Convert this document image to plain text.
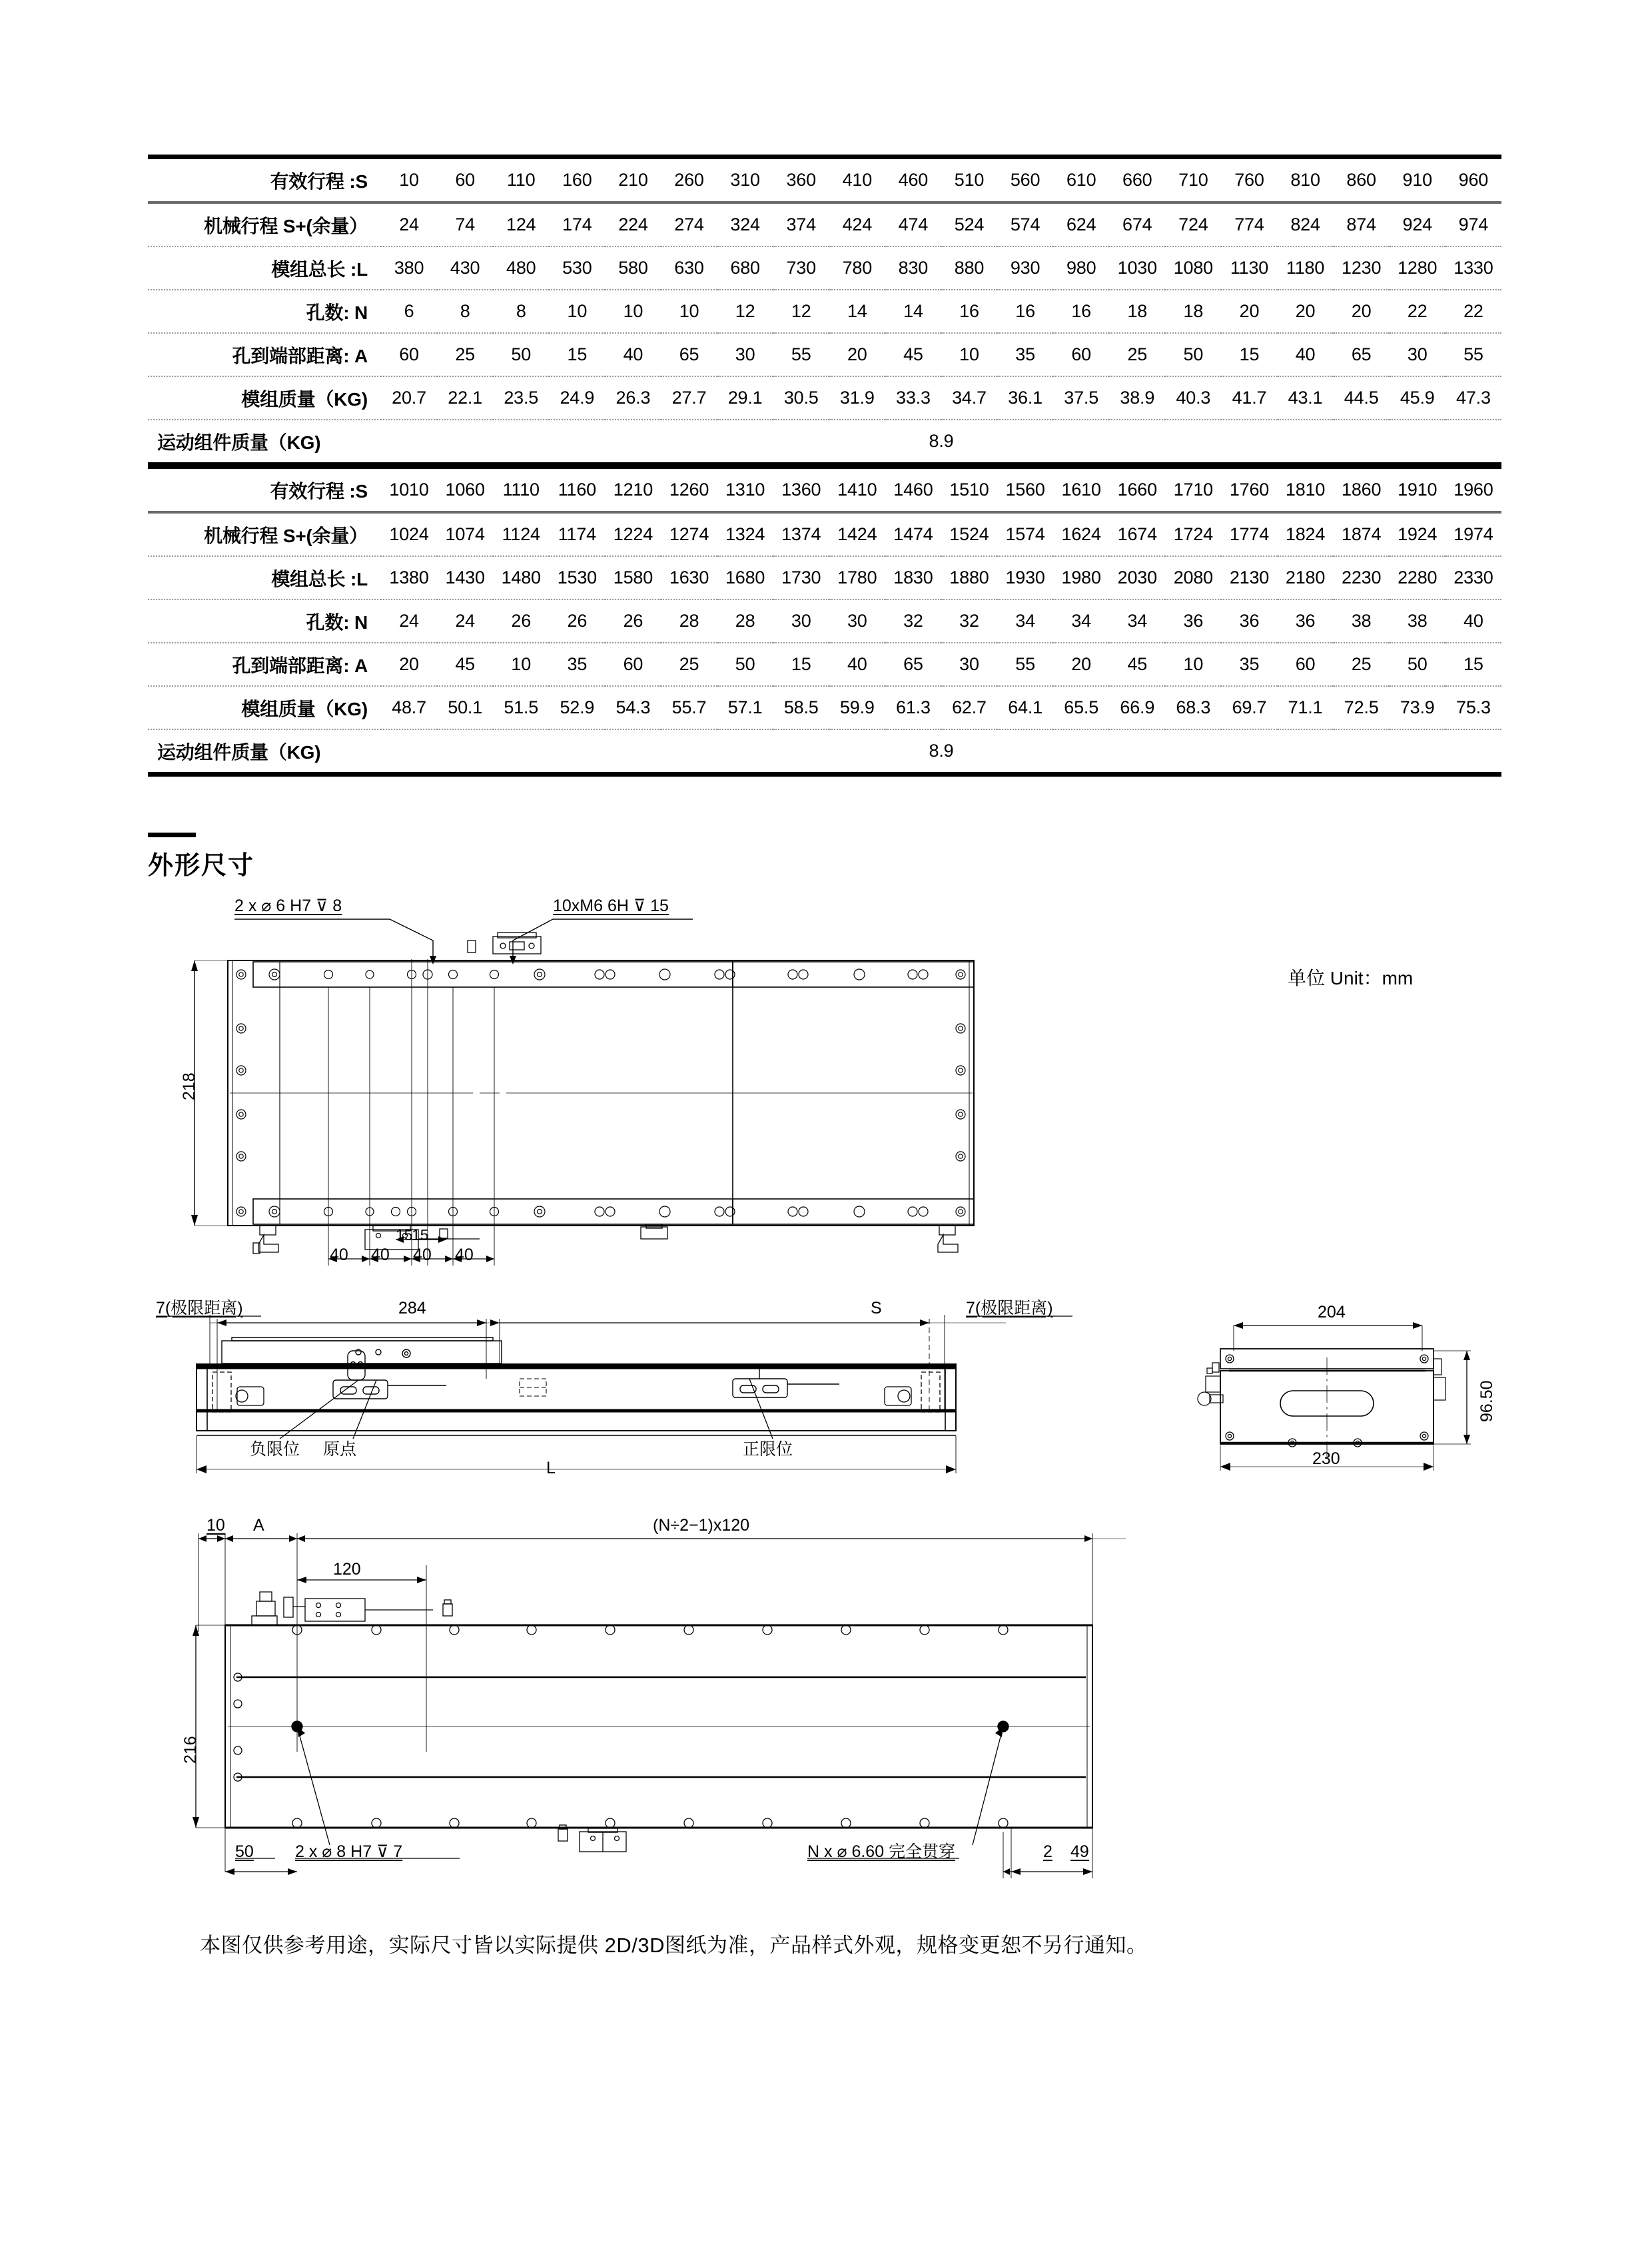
有效行程 :S	10	60	110	160	210	260	310	360	410	460	510	560	610	660	710	760	810	860	910	960
机械行程 S+(余量）	24	74	124	174	224	274	324	374	424	474	524	574	624	674	724	774	824	874	924	974
模组总长 :L	380	430	480	530	580	630	680	730	780	830	880	930	980	1030	1080	1130	1180	1230	1280	1330
孔数: N	6	8	8	10	10	10	12	12	14	14	16	16	16	18	18	20	20	20	22	22
孔到端部距离: A	60	25	50	15	40	65	30	55	20	45	10	35	60	25	50	15	40	65	30	55
模组质量（KG)	20.7	22.1	23.5	24.9	26.3	27.7	29.1	30.5	31.9	33.3	34.7	36.1	37.5	38.9	40.3	41.7	43.1	44.5	45.9	47.3
运动组件质量（KG)	8.9																			
有效行程 :S	1010	1060	1110	1160	1210	1260	1310	1360	1410	1460	1510	1560	1610	1660	1710	1760	1810	1860	1910	1960
机械行程 S+(余量）	1024	1074	1124	1174	1224	1274	1324	1374	1424	1474	1524	1574	1624	1674	1724	1774	1824	1874	1924	1974
模组总长 :L	1380	1430	1480	1530	1580	1630	1680	1730	1780	1830	1880	1930	1980	2030	2080	2130	2180	2230	2280	2330
孔数: N	24	24	26	26	26	28	28	30	30	32	32	34	34	34	36	36	36	38	38	40
孔到端部距离: A	20	45	10	35	60	25	50	15	40	65	30	55	20	45	10	35	60	25	50	15
模组质量（KG)	48.7	50.1	51.5	52.9	54.3	55.7	57.1	58.5	59.9	61.3	62.7	64.1	65.5	66.9	68.3	69.7	71.1	72.5	73.9	75.3
运动组件质量（KG)	8.9																			
外形尺寸
单位 Unit：mm
2 x ⌀ 6 H7 ⊽ 8	10xM6 6H ⊽ 15
218
15
15
40 40 40 40
7(极限距离)	284	S	7(极限距离)
负限位 原点	正限位
L
204
230
96.50
10 A
120
(N÷2−1)x120
216
50 2 x ⌀ 8 H7 ⊽ 7	N x ⌀ 6.60 完全贯穿	2 49
本图仅供参考用途，实际尺寸皆以实际提供 2D/3D图纸为准，产品样式外观，规格变更恕不另行通知。
